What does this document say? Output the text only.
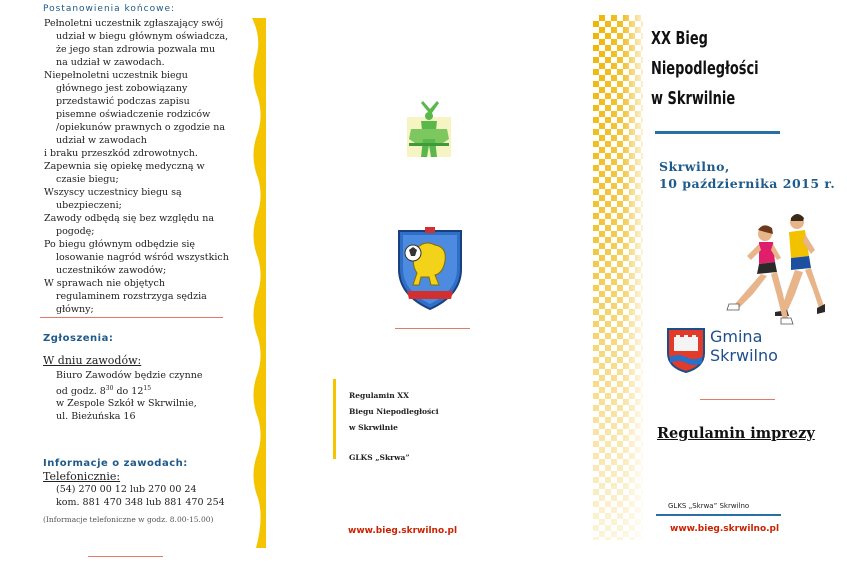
Postanowienia końcowe:

Pełnoletni uczestnik zgłaszający swój udział w biegu głównym oświadcza, że jego stan zdrowia pozwala mu na udział w zawodach.

Niepełnoletni uczestnik biegu głównego jest zobowiązany przedstawić podczas zapisu pisemne oświadczenie rodziców /opiekunów prawnych o zgodzie na udział w zawodach

i braku przeszkód zdrowotnych.

Zapewnia się opiekę medyczną w czasie biegu;

Wszyscy uczestnicy biegu są ubezpieczeni;

Zawody odbędą się bez względu na pogodę;

Po biegu głównym odbędzie się losowanie nagród wśród wszystkich uczestników zawodów;

W sprawach nie objętych regulaminem rozstrzyga sędzia główny;

Zgłoszenia:
W dniu zawodów:
Biuro Zawodów będzie czynne
od godz. $8^{30}$ do $12^{15}$
w Zespole Szkół w Skrwilnie,
ul. Bieżuńska 16
Informacje o zawodach:
Telefonicznie:
(54) 270 00 12 lub 270 00 24
kom. 881 470 348 lub 881 470 254
(Informacje telefoniczne w godz. 8.00-15.00)
Regulamin XX
Biegu Niepodległości
w Skrwilnie
GLKS „Skrwa”
www.bieg.skrwilno.pl
XX Bieg
Niepodległości
w Skrwilnie
Skrwilno,
10 października 2015 r.
Gmina
Skrwilno
Regulamin imprezy
GLKS „Skrwa” Skrwilno
www.bieg.skrwilno.pl
